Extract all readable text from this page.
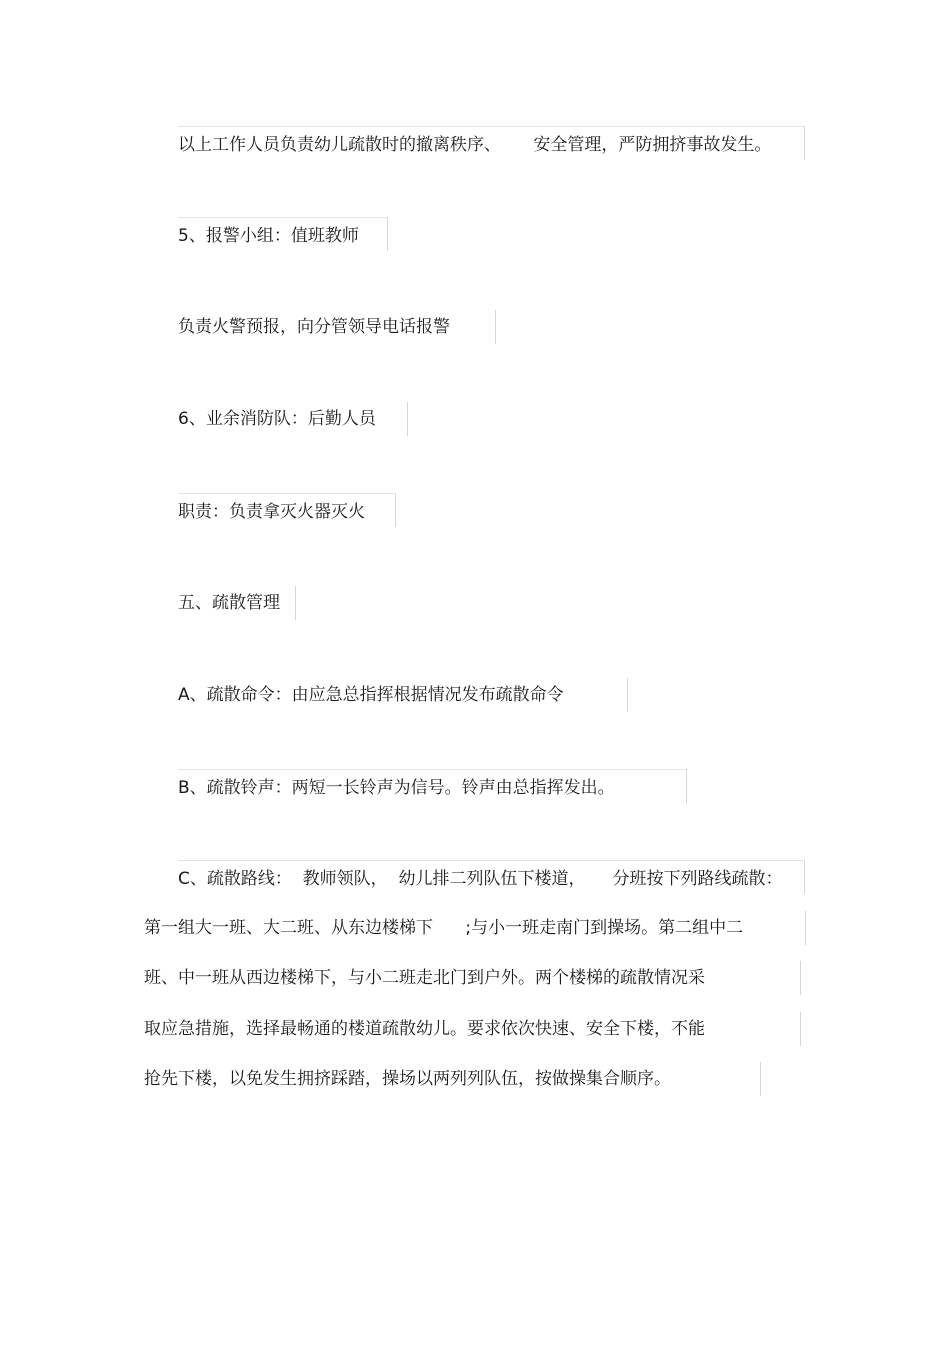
以上工作人员负责幼儿疏散时的撤离秩序、      安全管理，严防拥挤事故发生。
5、报警小组：值班教师
负责火警预报，向分管领导电话报警
6、业余消防队：后勤人员
职责：负责拿灭火器灭火
五、疏散管理
A、疏散命令：由应急总指挥根据情况发布疏散命令
B、疏散铃声：两短一长铃声为信号。铃声由总指挥发出。
C、疏散路线：  教师领队，  幼儿排二列队伍下楼道，     分班按下列路线疏散：
第一组大一班、大二班、从东边楼梯下      ;与小一班走南门到操场。第二组中二
班、中一班从西边楼梯下，与小二班走北门到户外。两个楼梯的疏散情况采
取应急措施，选择最畅通的楼道疏散幼儿。要求依次快速、安全下楼，不能
抢先下楼，以免发生拥挤踩踏，操场以两列列队伍，按做操集合顺序。
